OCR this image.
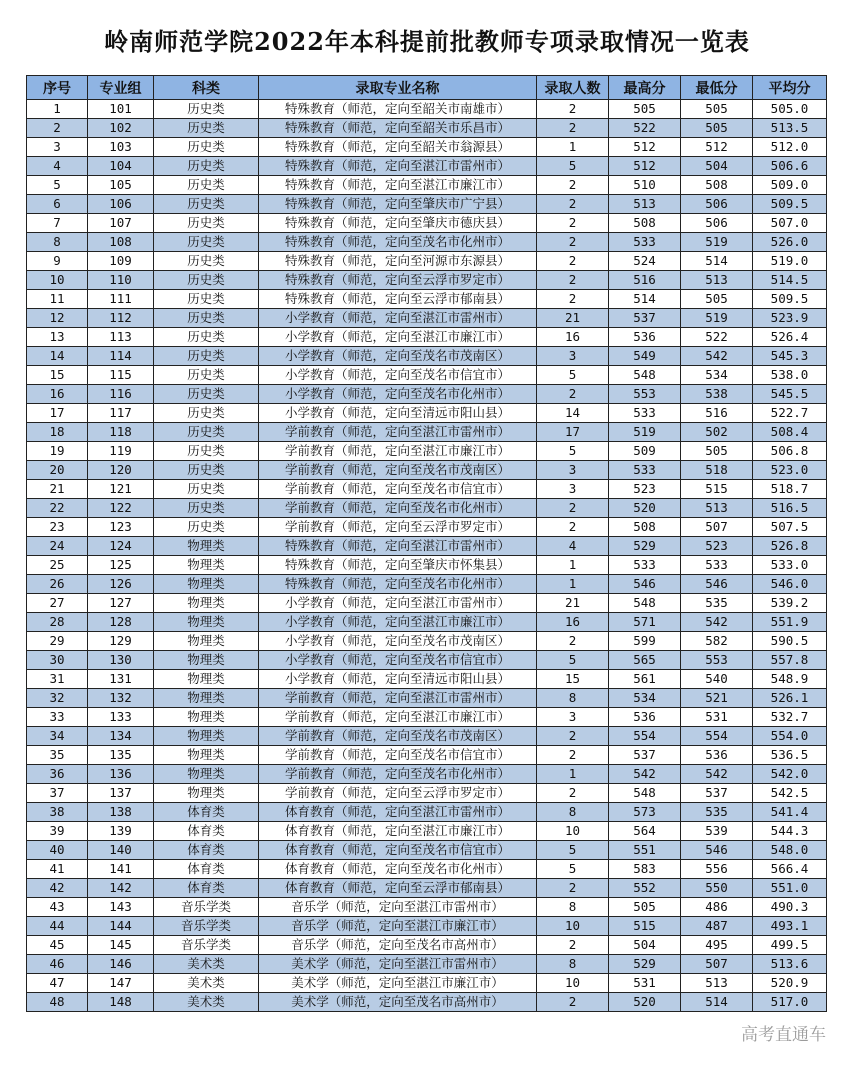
岭南师范学院2022年本科提前批教师专项录取情况一览表
序号	专业组	科类	录取专业名称	录取人数	最高分	最低分	平均分
1	101	历史类	特殊教育（师范，定向至韶关市南雄市）	2	505	505	505.0
2	102	历史类	特殊教育（师范，定向至韶关市乐昌市）	2	522	505	513.5
3	103	历史类	特殊教育（师范，定向至韶关市翁源县）	1	512	512	512.0
4	104	历史类	特殊教育（师范，定向至湛江市雷州市）	5	512	504	506.6
5	105	历史类	特殊教育（师范，定向至湛江市廉江市）	2	510	508	509.0
6	106	历史类	特殊教育（师范，定向至肇庆市广宁县）	2	513	506	509.5
7	107	历史类	特殊教育（师范，定向至肇庆市德庆县）	2	508	506	507.0
8	108	历史类	特殊教育（师范，定向至茂名市化州市）	2	533	519	526.0
9	109	历史类	特殊教育（师范，定向至河源市东源县）	2	524	514	519.0
10	110	历史类	特殊教育（师范，定向至云浮市罗定市）	2	516	513	514.5
11	111	历史类	特殊教育（师范，定向至云浮市郁南县）	2	514	505	509.5
12	112	历史类	小学教育（师范，定向至湛江市雷州市）	21	537	519	523.9
13	113	历史类	小学教育（师范，定向至湛江市廉江市）	16	536	522	526.4
14	114	历史类	小学教育（师范，定向至茂名市茂南区）	3	549	542	545.3
15	115	历史类	小学教育（师范，定向至茂名市信宜市）	5	548	534	538.0
16	116	历史类	小学教育（师范，定向至茂名市化州市）	2	553	538	545.5
17	117	历史类	小学教育（师范，定向至清远市阳山县）	14	533	516	522.7
18	118	历史类	学前教育（师范，定向至湛江市雷州市）	17	519	502	508.4
19	119	历史类	学前教育（师范，定向至湛江市廉江市）	5	509	505	506.8
20	120	历史类	学前教育（师范，定向至茂名市茂南区）	3	533	518	523.0
21	121	历史类	学前教育（师范，定向至茂名市信宜市）	3	523	515	518.7
22	122	历史类	学前教育（师范，定向至茂名市化州市）	2	520	513	516.5
23	123	历史类	学前教育（师范，定向至云浮市罗定市）	2	508	507	507.5
24	124	物理类	特殊教育（师范，定向至湛江市雷州市）	4	529	523	526.8
25	125	物理类	特殊教育（师范，定向至肇庆市怀集县）	1	533	533	533.0
26	126	物理类	特殊教育（师范，定向至茂名市化州市）	1	546	546	546.0
27	127	物理类	小学教育（师范，定向至湛江市雷州市）	21	548	535	539.2
28	128	物理类	小学教育（师范，定向至湛江市廉江市）	16	571	542	551.9
29	129	物理类	小学教育（师范，定向至茂名市茂南区）	2	599	582	590.5
30	130	物理类	小学教育（师范，定向至茂名市信宜市）	5	565	553	557.8
31	131	物理类	小学教育（师范，定向至清远市阳山县）	15	561	540	548.9
32	132	物理类	学前教育（师范，定向至湛江市雷州市）	8	534	521	526.1
33	133	物理类	学前教育（师范，定向至湛江市廉江市）	3	536	531	532.7
34	134	物理类	学前教育（师范，定向至茂名市茂南区）	2	554	554	554.0
35	135	物理类	学前教育（师范，定向至茂名市信宜市）	2	537	536	536.5
36	136	物理类	学前教育（师范，定向至茂名市化州市）	1	542	542	542.0
37	137	物理类	学前教育（师范，定向至云浮市罗定市）	2	548	537	542.5
38	138	体育类	体育教育（师范，定向至湛江市雷州市）	8	573	535	541.4
39	139	体育类	体育教育（师范，定向至湛江市廉江市）	10	564	539	544.3
40	140	体育类	体育教育（师范，定向至茂名市信宜市）	5	551	546	548.0
41	141	体育类	体育教育（师范，定向至茂名市化州市）	5	583	556	566.4
42	142	体育类	体育教育（师范，定向至云浮市郁南县）	2	552	550	551.0
43	143	音乐学类	音乐学（师范，定向至湛江市雷州市）	8	505	486	490.3
44	144	音乐学类	音乐学（师范，定向至湛江市廉江市）	10	515	487	493.1
45	145	音乐学类	音乐学（师范，定向至茂名市高州市）	2	504	495	499.5
46	146	美术类	美术学（师范，定向至湛江市雷州市）	8	529	507	513.6
47	147	美术类	美术学（师范，定向至湛江市廉江市）	10	531	513	520.9
48	148	美术类	美术学（师范，定向至茂名市高州市）	2	520	514	517.0
高考直通车
